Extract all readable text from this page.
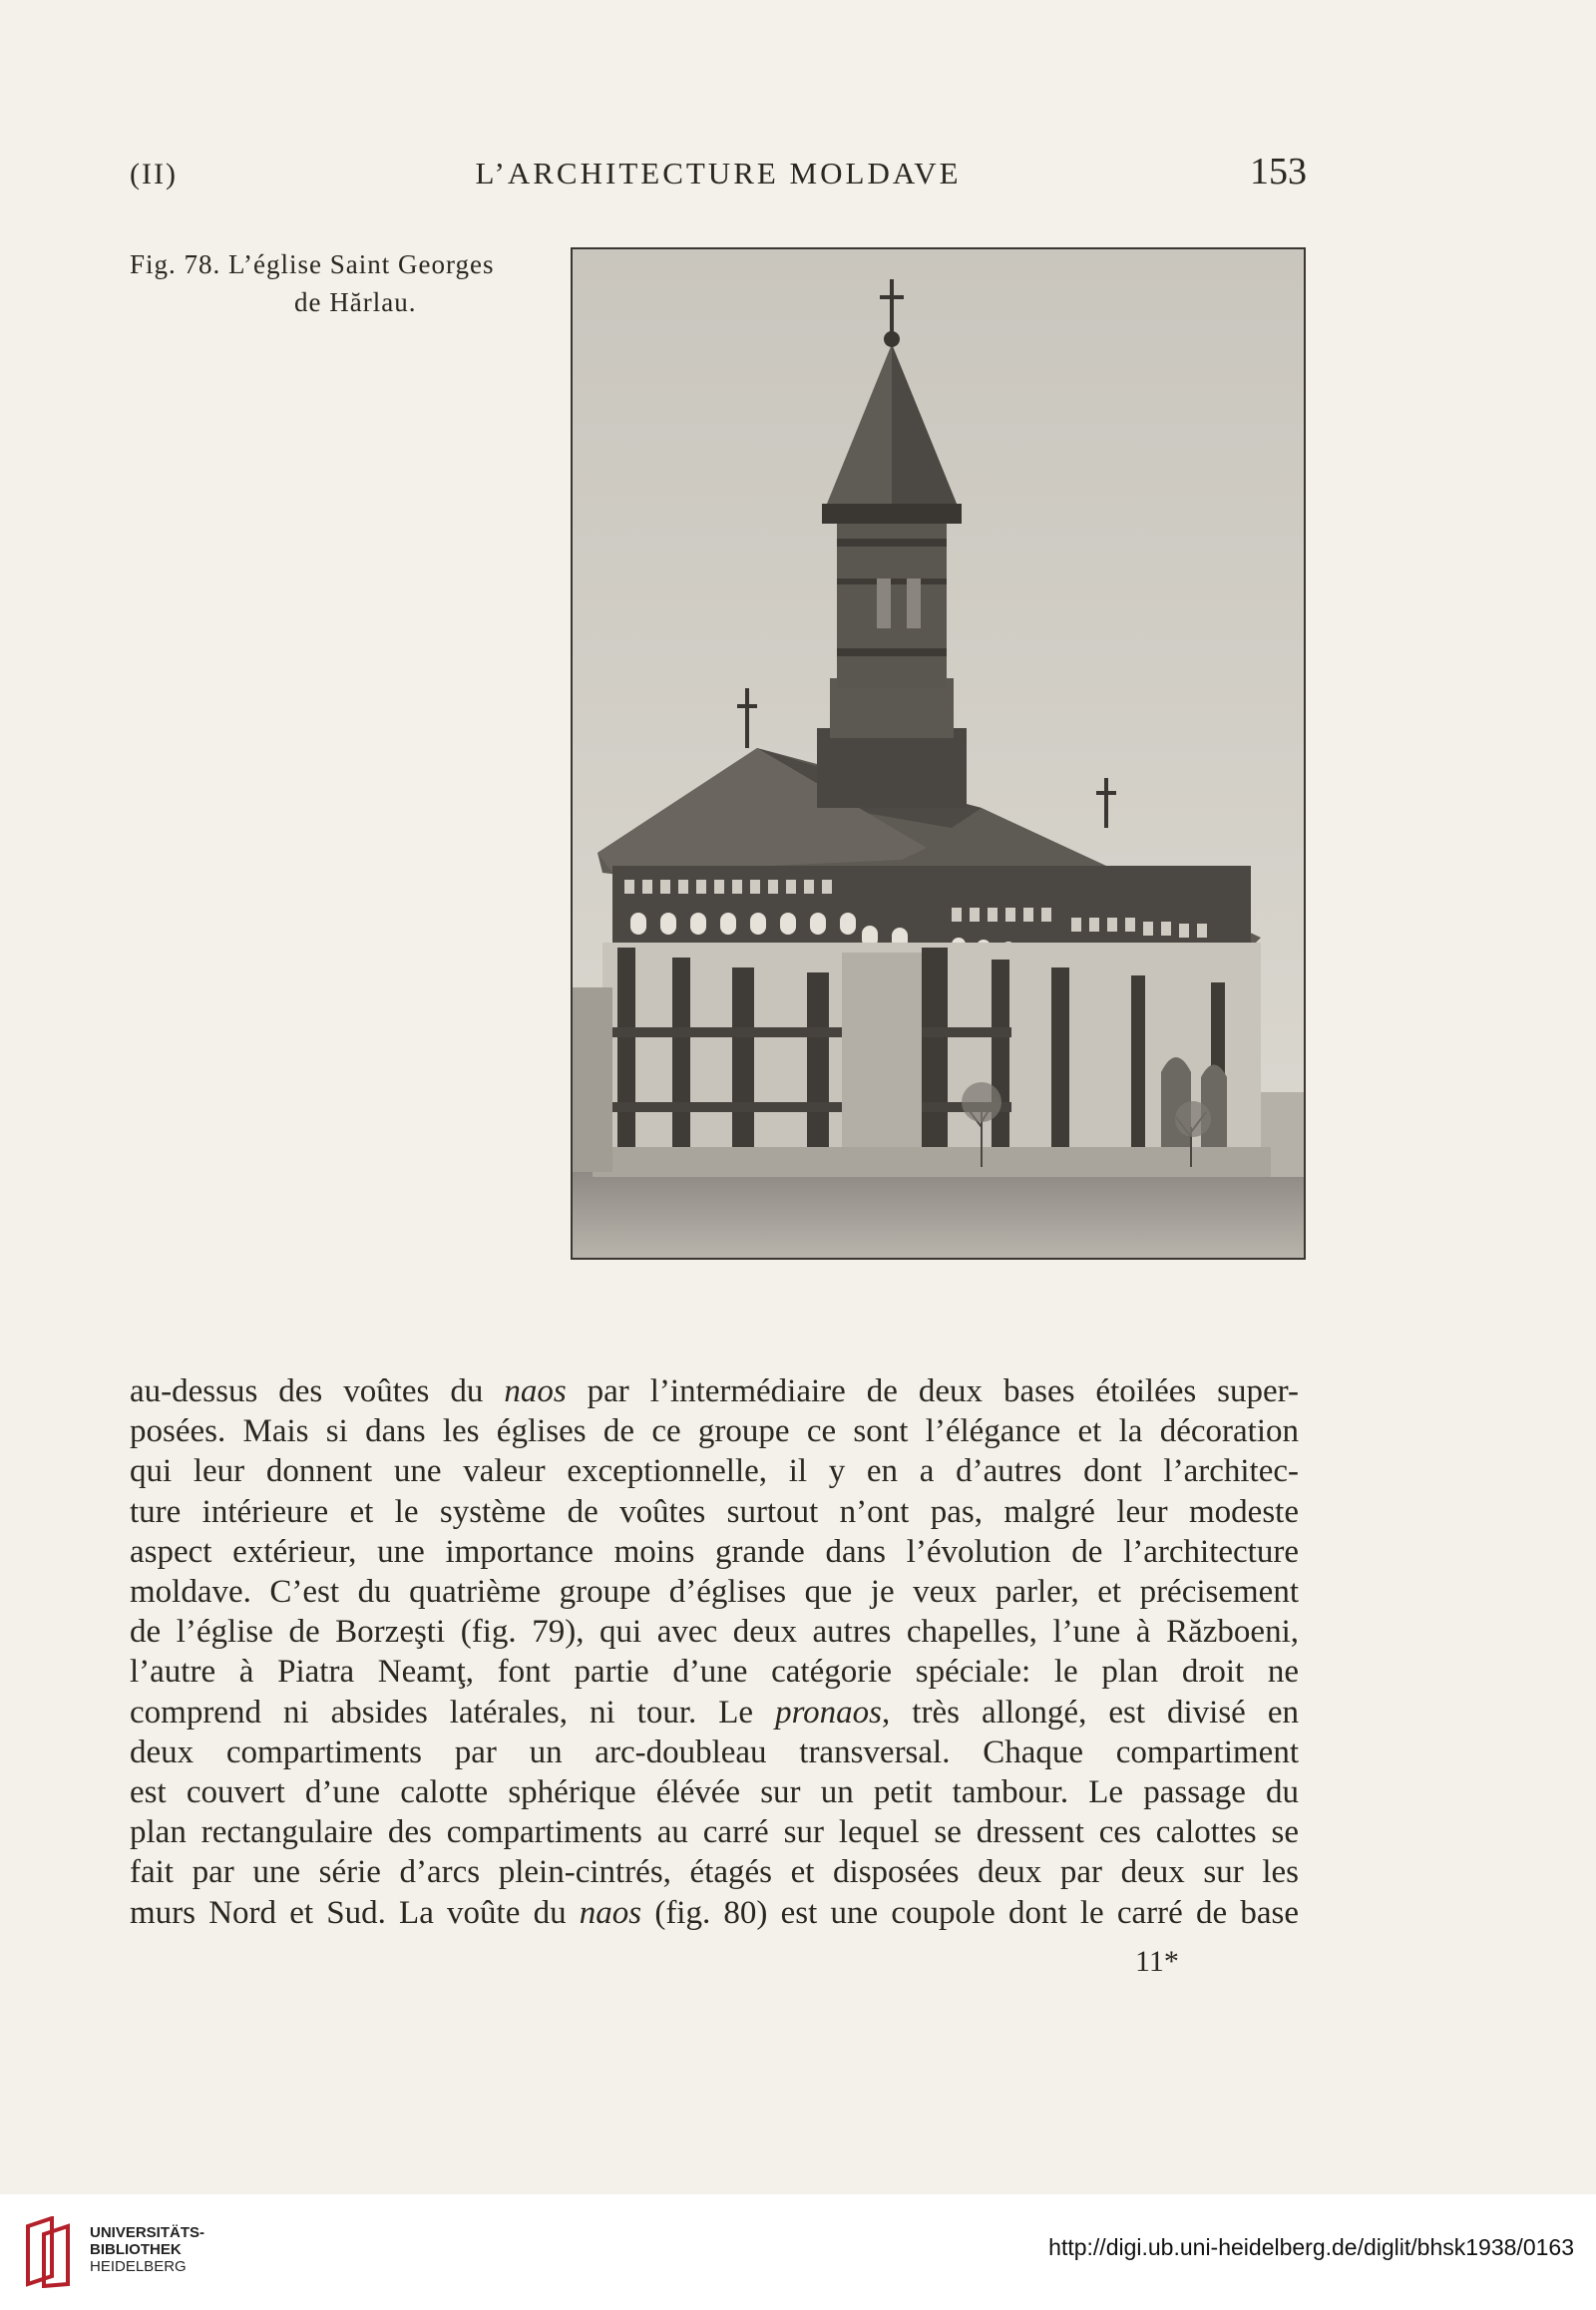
(II)	L’ARCHITECTURE MOLDAVE	153
Fig. 78. L’église Saint Georges
de Hărlau.
au-dessus des voûtes du naos par l’intermédiaire de deux bases étoilées super-
posées. Mais si dans les églises de ce groupe ce sont l’élégance et la décoration
qui leur donnent une valeur exceptionnelle, il y en a d’autres dont l’architec-
ture intérieure et le système de voûtes surtout n’ont pas, malgré leur modeste
aspect extérieur, une importance moins grande dans l’évolution de l’architecture
moldave. C’est du quatrième groupe d’églises que je veux parler, et précisement
de l’église de Borzeşti (fig. 79), qui avec deux autres chapelles, l’une à Războeni,
l’autre à Piatra Neamţ, font partie d’une catégorie spéciale: le plan droit ne
comprend ni absides latérales, ni tour. Le pronaos, très allongé, est divisé en
deux compartiments par un arc-doubleau transversal. Chaque compartiment
est couvert d’une calotte sphérique élévée sur un petit tambour. Le passage du
plan rectangulaire des compartiments au carré sur lequel se dressent ces calottes se
fait par une série d’arcs plein-cintrés, étagés et disposées deux par deux sur les
murs Nord et Sud. La voûte du naos (fig. 80) est une coupole dont le carré de base
11*
UNIVERSITÄTS-
BIBLIOTHEK
HEIDELBERG
http://digi.ub.uni-heidelberg.de/diglit/bhsk1938/0163
